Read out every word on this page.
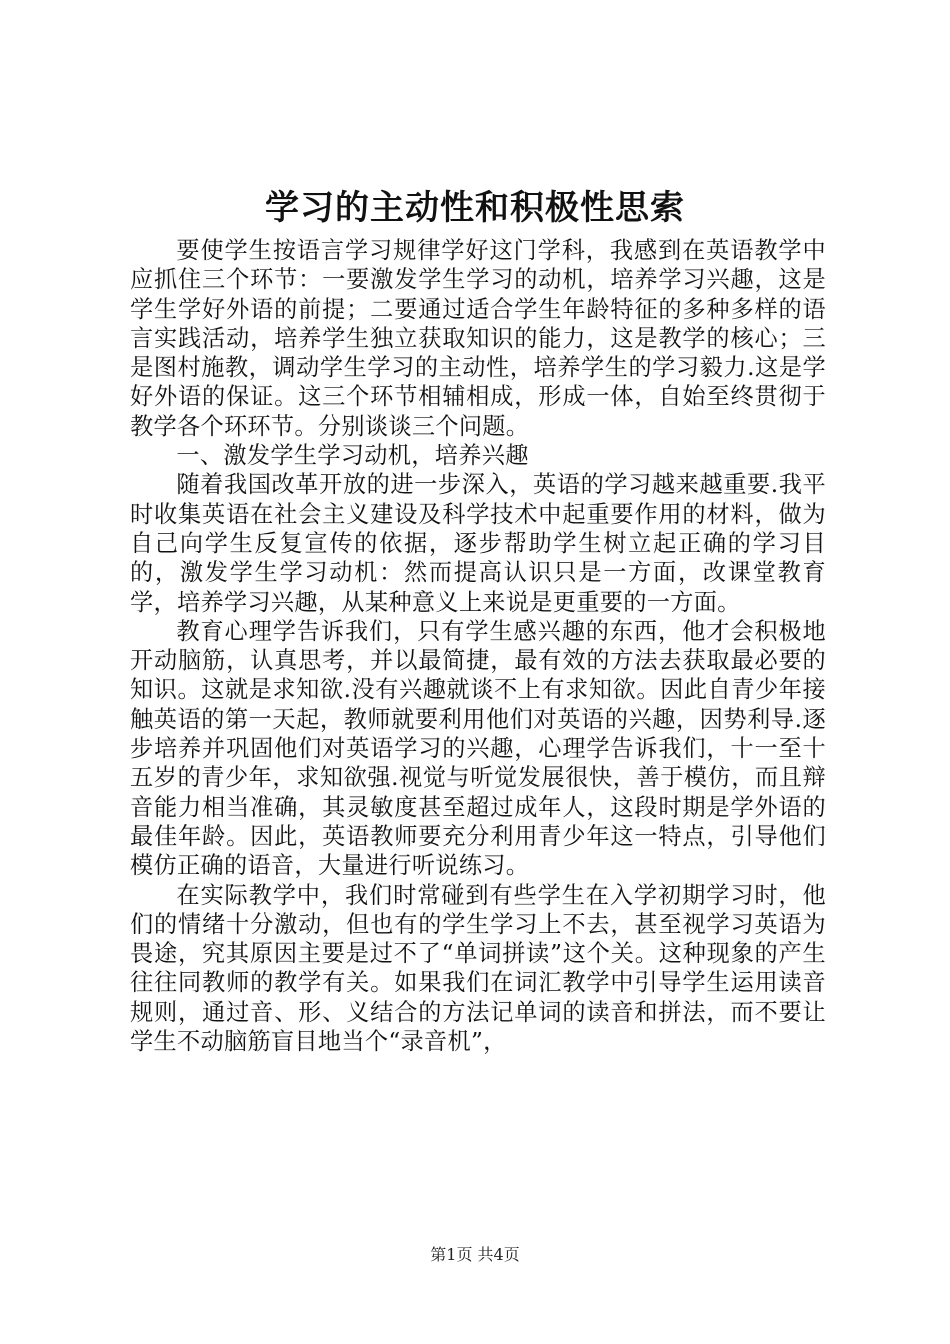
学习的主动性和积极性思索

要使学生按语言学习规律学好这门学科，我感到在英语教学中应抓住三个环节：一要激发学生学习的动机，培养学习兴趣，这是学生学好外语的前提；二要通过适合学生年龄特征的多种多样的语言实践活动，培养学生独立获取知识的能力，这是教学的核心；三是图村施教，调动学生学习的主动性，培养学生的学习毅力.这是学好外语的保证。这三个环节相辅相成，形成一体，自始至终贯彻于教学各个环环节。分别谈谈三个问题。

一、激发学生学习动机，培养兴趣

随着我国改革开放的进一步深入，英语的学习越来越重要.我平时收集英语在社会主义建设及科学技术中起重要作用的材料，做为自己向学生反复宣传的依据，逐步帮助学生树立起正确的学习目的，激发学生学习动机：然而提高认识只是一方面，改课堂教育学，培养学习兴趣，从某种意义上来说是更重要的一方面。

教育心理学告诉我们，只有学生感兴趣的东西，他才会积极地开动脑筋，认真思考，并以最简捷，最有效的方法去获取最必要的知识。这就是求知欲.没有兴趣就谈不上有求知欲。因此自青少年接触英语的第一天起，教师就要利用他们对英语的兴趣，因势利导.逐步培养并巩固他们对英语学习的兴趣，心理学告诉我们，十一至十五岁的青少年，求知欲强.视觉与听觉发展很快，善于模仿，而且辩音能力相当准确，其灵敏度甚至超过成年人，这段时期是学外语的最佳年龄。因此，英语教师要充分利用青少年这一特点，引导他们模仿正确的语音，大量进行听说练习。

在实际教学中，我们时常碰到有些学生在入学初期学习时，他们的情绪十分激动，但也有的学生学习上不去，甚至视学习英语为畏途，究其原因主要是过不了“单词拼读”这个关。这种现象的产生往往同教师的教学有关。如果我们在词汇教学中引导学生运用读音规则，通过音、形、义结合的方法记单词的读音和拼法，而不要让学生不动脑筋盲目地当个“录音机”，

第1页 共4页
